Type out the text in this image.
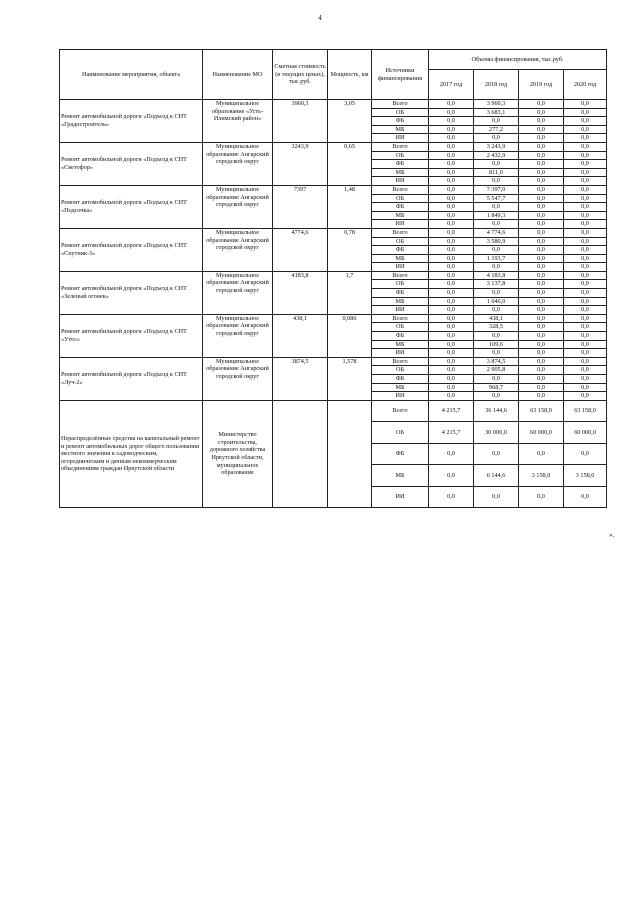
4
Наименование мероприятия, объекта	Наименование МО	Сметная стоимость (в текущих ценах), тыс.руб.	Мощность, км	Источники финансирования	Объемы финансирования, тыс.руб.			
					2017 год	2018 год	2019 год	2020 год
Ремонт автомобильной дороги «Подъезд к СНТ «Градостроитель»	Муниципальное образование «Усть-Илимский район»	3960,3	3,05	Всего	0,0	3 960,3	0,0	0,0
				ОБ	0,0	3 683,1	0,0	0,0
				ФБ	0,0	0,0	0,0	0,0
				МБ	0,0	277,2	0,0	0,0
				ИИ	0,0	0,0	0,0	0,0
Ремонт автомобильной дороги «Подъезд к СНТ «Светофор»	Муниципальное образование Ангарский городской округ	3243,9	0,65	Всего	0,0	3 243,9	0,0	0,0
				ОБ	0,0	2 432,9	0,0	0,0
				ФБ	0,0	0,0	0,0	0,0
				МБ	0,0	811,0	0,0	0,0
				ИИ	0,0	0,0	0,0	0,0
Ремонт автомобильной дороги «Подъезд к СНТ «Подсочка»	Муниципальное образование Ангарский городской округ	7397	1,48	Всего	0,0	7 397,0	0,0	0,0
				ОБ	0,0	5 547,7	0,0	0,0
				ФБ	0,0	0,0	0,0	0,0
				МБ	0,0	1 849,3	0,0	0,0
				ИИ	0,0	0,0	0,0	0,0
Ремонт автомобильной дороги «Подъезд к СНТ «Спутник-3»	Муниципальное образование Ангарский городской округ	4774,6	0,78	Всего	0,0	4 774,6	0,0	0,0
				ОБ	0,0	3 580,9	0,0	0,0
				ФБ	0,0	0,0	0,0	0,0
				МБ	0,0	1 193,7	0,0	0,0
				ИИ	0,0	0,0	0,0	0,0
Ремонт автомобильной дороги «Подъезд к СНТ «Зеленый огонек»	Муниципальное образование Ангарский городской округ	4183,8	1,7	Всего	0,0	4 183,8	0,0	0,0
				ОБ	0,0	3 137,8	0,0	0,0
				ФБ	0,0	0,0	0,0	0,0
				МБ	0,0	1 046,0	0,0	0,0
				ИИ	0,0	0,0	0,0	0,0
Ремонт автомобильной дороги «Подъезд к СНТ «Утес»	Муниципальное образование Ангарский городской округ	438,1	0,086	Всего	0,0	438,1	0,0	0,0
				ОБ	0,0	328,5	0,0	0,0
				ФБ	0,0	0,0	0,0	0,0
				МБ	0,0	109,6	0,0	0,0
				ИИ	0,0	0,0	0,0	0,0
Ремонт автомобильной дороги «Подъезд к СНТ «Луч-2»	Муниципальное образование Ангарский городской округ	3874,5	1,578	Всего	0,0	3 874,5	0,0	0,0
				ОБ	0,0	2 905,8	0,0	0,0
				ФБ	0,0	0,0	0,0	0,0
				МБ	0,0	968,7	0,0	0,0
				ИИ	0,0	0,0	0,0	0,0
Нераспределённые средства на капитальный ремонт и ремонт автомобильных дорог общего пользования местного значения к садоводческим, огородническим и дачным некоммерческим объединениям граждан Иркутской области	Министерство строительства, дорожного хозяйства Иркутской области, муниципальное образование			Всего	4 215,7	36 144,6	63 158,0	63 158,0
				ОБ	4 215,7	30 000,0	60 000,0	60 000,0
				ФБ	0,0	0,0	0,0	0,0
				МБ	0,0	6 144,6	3 158,0	3 158,0
				ИИ	0,0	0,0	0,0	0,0
».
